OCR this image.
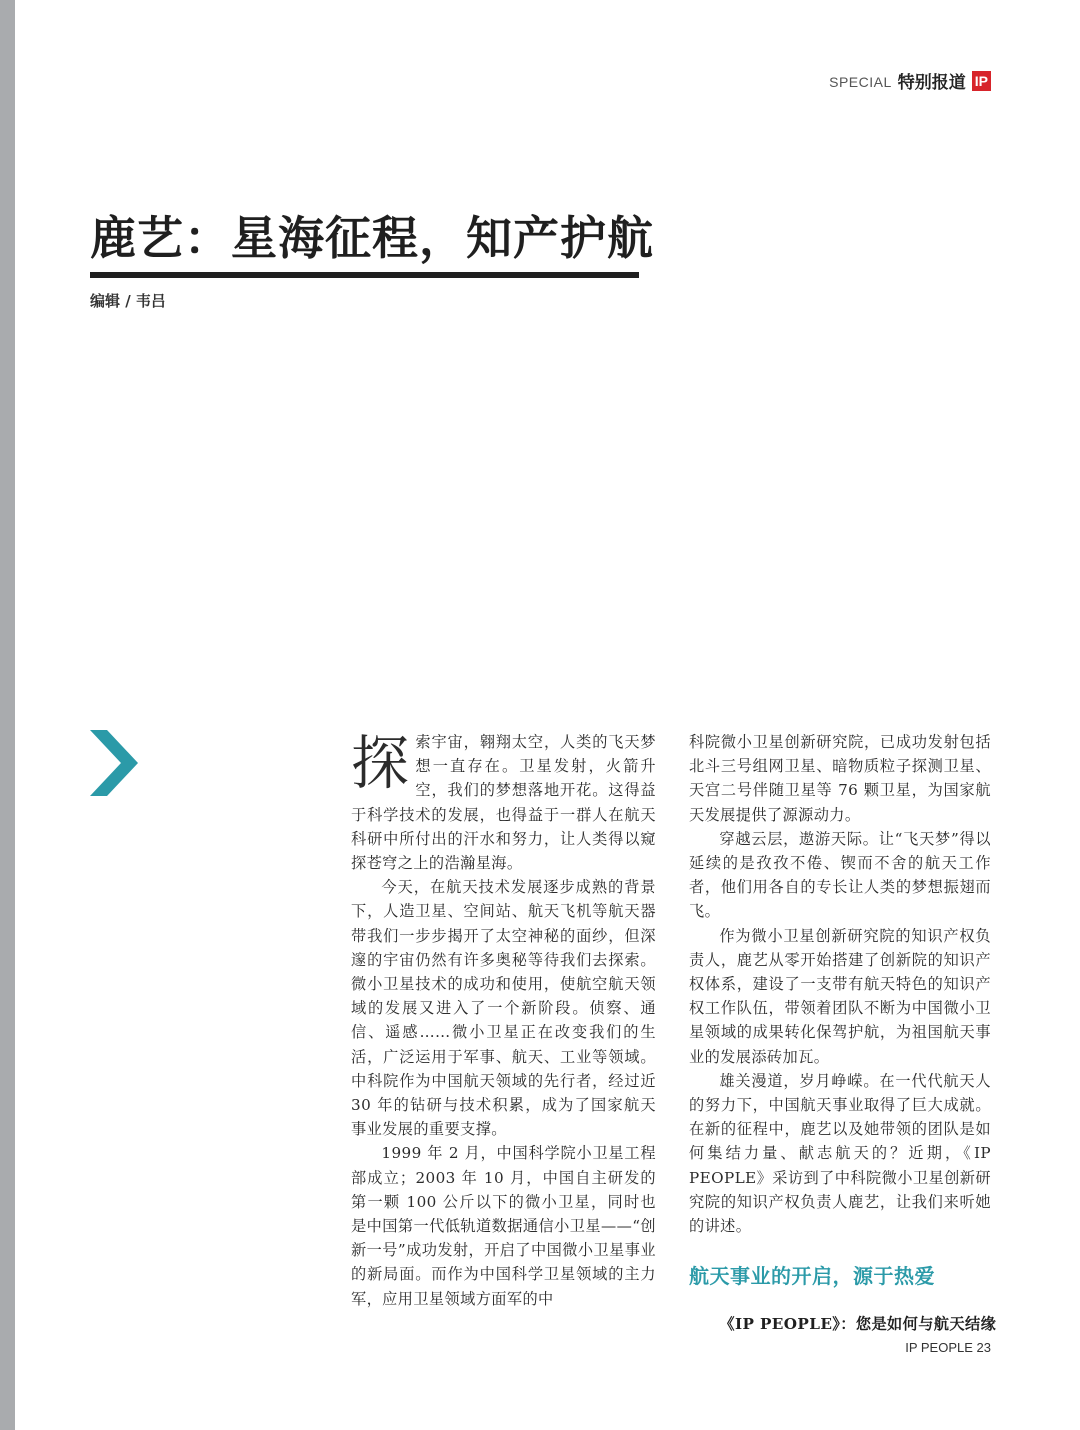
SPECIAL 特别报道 IP
鹿艺：星海征程，知产护航
编辑 / 韦吕

探索宇宙，翱翔太空，人类的飞天梦想一直存在。卫星发射，火箭升空，我们的梦想落地开花。这得益于科学技术的发展，也得益于一群人在航天科研中所付出的汗水和努力，让人类得以窥探苍穹之上的浩瀚星海。

今天，在航天技术发展逐步成熟的背景下，人造卫星、空间站、航天飞机等航天器带我们一步步揭开了太空神秘的面纱，但深邃的宇宙仍然有许多奥秘等待我们去探索。微小卫星技术的成功和使用，使航空航天领域的发展又进入了一个新阶段。侦察、通信、遥感……微小卫星正在改变我们的生活，广泛运用于军事、航天、工业等领域。中科院作为中国航天领域的先行者，经过近 30 年的钻研与技术积累，成为了国家航天事业发展的重要支撑。

1999 年 2 月，中国科学院小卫星工程部成立；2003 年 10 月，中国自主研发的第一颗 100 公斤以下的微小卫星，同时也是中国第一代低轨道数据通信小卫星——“创新一号”成功发射，开启了中国微小卫星事业的新局面。而作为中国科学卫星领域的主力军，应用卫星领域方面军的中

科院微小卫星创新研究院，已成功发射包括北斗三号组网卫星、暗物质粒子探测卫星、天宫二号伴随卫星等 76 颗卫星，为国家航天发展提供了源源动力。

穿越云层，遨游天际。让“飞天梦”得以延续的是孜孜不倦、锲而不舍的航天工作者，他们用各自的专长让人类的梦想振翅而飞。

作为微小卫星创新研究院的知识产权负责人，鹿艺从零开始搭建了创新院的知识产权体系，建设了一支带有航天特色的知识产权工作队伍，带领着团队不断为中国微小卫星领域的成果转化保驾护航，为祖国航天事业的发展添砖加瓦。

雄关漫道，岁月峥嵘。在一代代航天人的努力下，中国航天事业取得了巨大成就。在新的征程中，鹿艺以及她带领的团队是如何集结力量、献志航天的？近期，《IP PEOPLE》采访到了中科院微小卫星创新研究院的知识产权负责人鹿艺，让我们来听她的讲述。

航天事业的开启，源于热爱

《IP PEOPLE》：您是如何与航天结缘

IP PEOPLE 23
